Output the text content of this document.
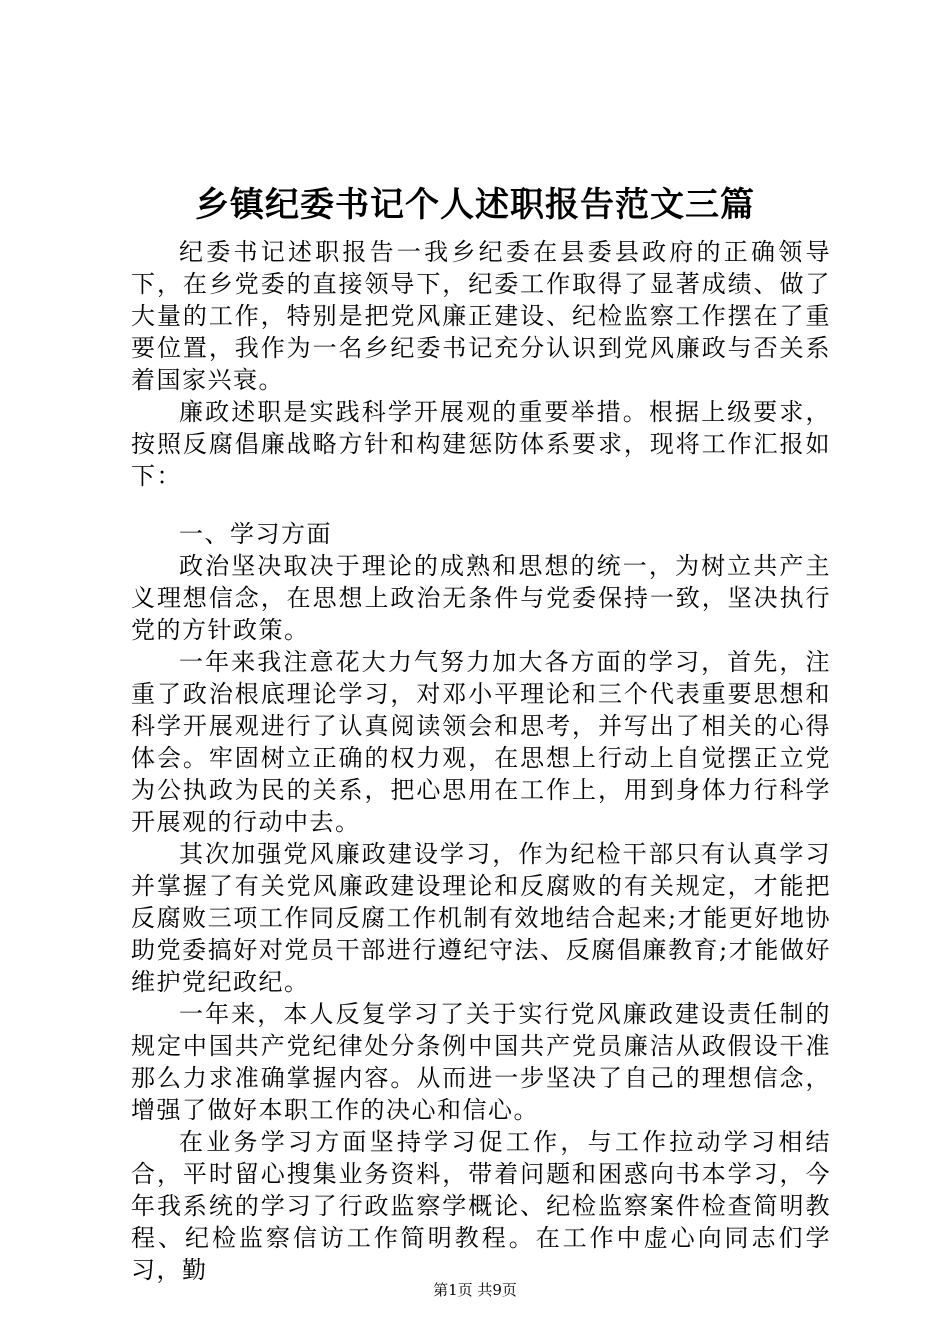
乡镇纪委书记个人述职报告范文三篇

纪委书记述职报告一我乡纪委在县委县政府的正确领导下，在乡党委的直接领导下，纪委工作取得了显著成绩、做了大量的工作，特别是把党风廉正建设、纪检监察工作摆在了重要位置，我作为一名乡纪委书记充分认识到党风廉政与否关系着国家兴衰。

廉政述职是实践科学开展观的重要举措。根据上级要求，按照反腐倡廉战略方针和构建惩防体系要求，现将工作汇报如下：

一、学习方面

政治坚决取决于理论的成熟和思想的统一，为树立共产主义理想信念，在思想上政治无条件与党委保持一致，坚决执行党的方针政策。

一年来我注意花大力气努力加大各方面的学习，首先，注重了政治根底理论学习，对邓小平理论和三个代表重要思想和科学开展观进行了认真阅读领会和思考，并写出了相关的心得体会。牢固树立正确的权力观，在思想上行动上自觉摆正立党为公执政为民的关系，把心思用在工作上，用到身体力行科学开展观的行动中去。

其次加强党风廉政建设学习，作为纪检干部只有认真学习并掌握了有关党风廉政建设理论和反腐败的有关规定，才能把反腐败三项工作同反腐工作机制有效地结合起来;才能更好地协助党委搞好对党员干部进行遵纪守法、反腐倡廉教育;才能做好维护党纪政纪。

一年来，本人反复学习了关于实行党风廉政建设责任制的规定中国共产党纪律处分条例中国共产党员廉洁从政假设干准那么力求准确掌握内容。从而进一步坚决了自己的理想信念，增强了做好本职工作的决心和信心。

在业务学习方面坚持学习促工作，与工作拉动学习相结合，平时留心搜集业务资料，带着问题和困惑向书本学习，今年我系统的学习了行政监察学概论、纪检监察案件检查简明教程、纪检监察信访工作简明教程。在工作中虚心向同志们学习，勤

第1页 共9页
